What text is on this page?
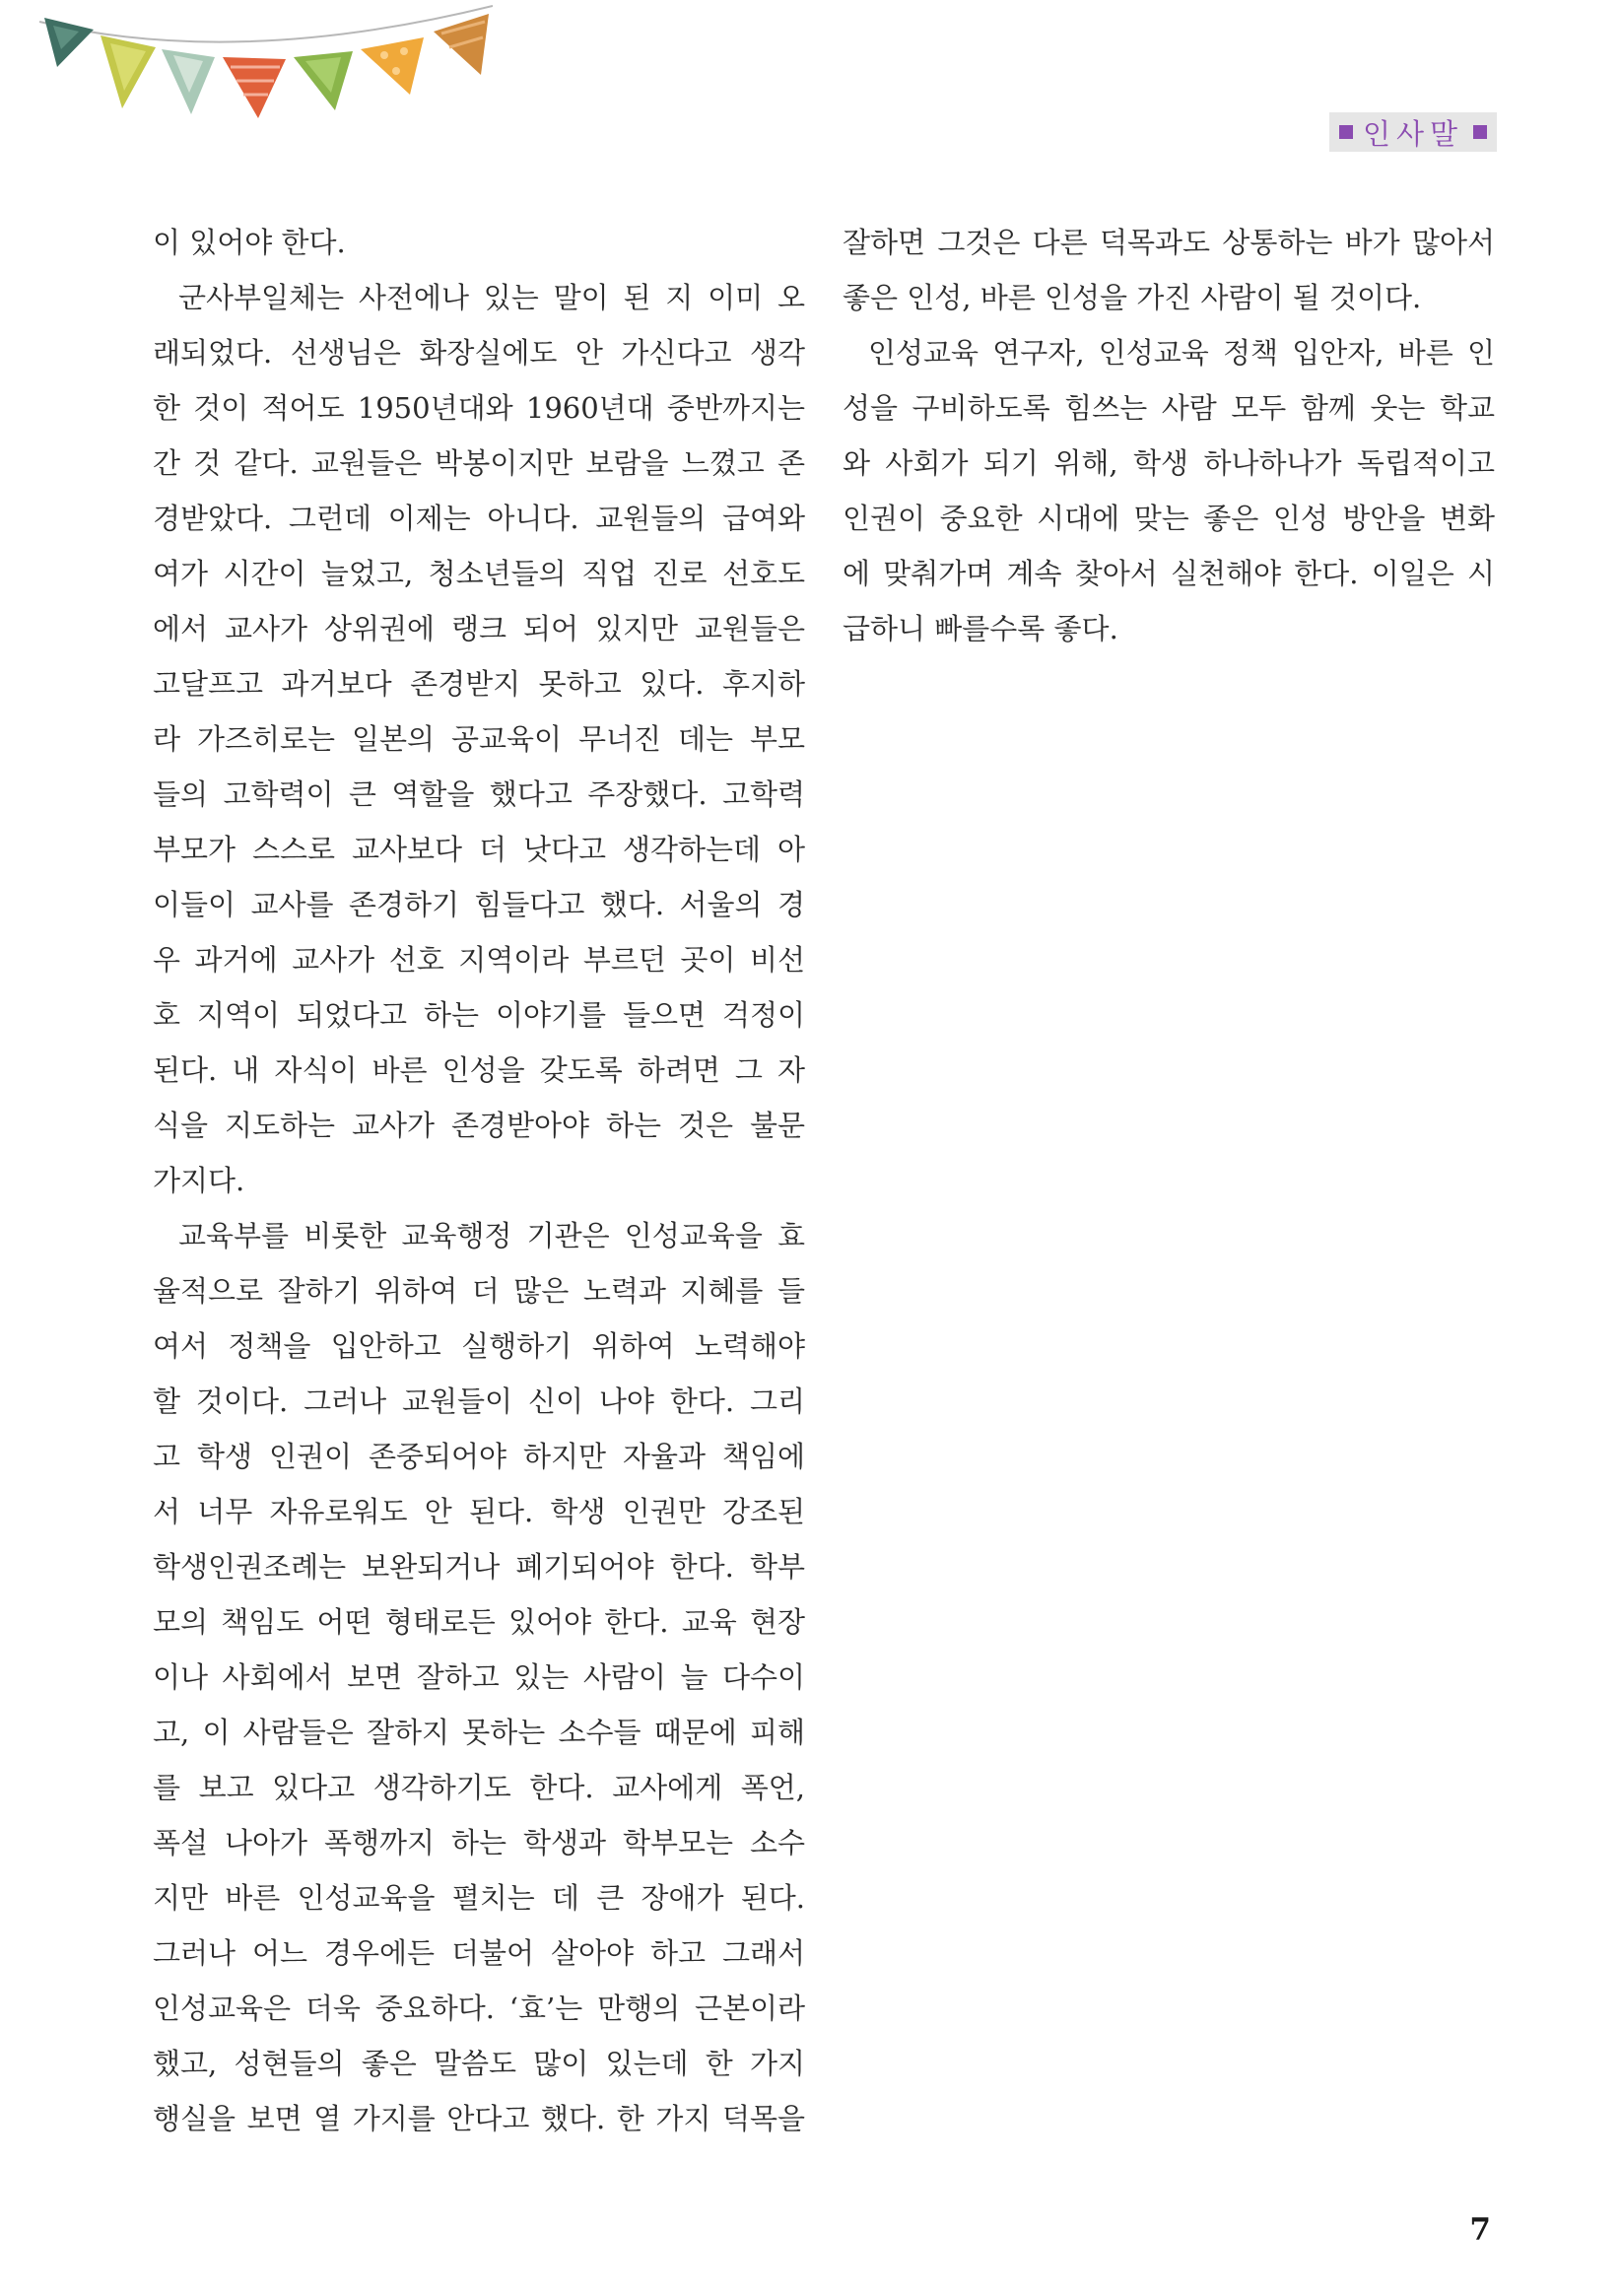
인사말
이 있어야 한다.
군사부일체는 사전에나 있는 말이 된 지 이미 오
래되었다. 선생님은 화장실에도 안 가신다고 생각
한 것이 적어도 1950년대와 1960년대 중반까지는
간 것 같다. 교원들은 박봉이지만 보람을 느꼈고 존
경받았다. 그런데 이제는 아니다. 교원들의 급여와
여가 시간이 늘었고, 청소년들의 직업 진로 선호도
에서 교사가 상위권에 랭크 되어 있지만 교원들은
고달프고 과거보다 존경받지 못하고 있다. 후지하
라 가즈히로는 일본의 공교육이 무너진 데는 부모
들의 고학력이 큰 역할을 했다고 주장했다. 고학력
부모가 스스로 교사보다 더 낫다고 생각하는데 아
이들이 교사를 존경하기 힘들다고 했다. 서울의 경
우 과거에 교사가 선호 지역이라 부르던 곳이 비선
호 지역이 되었다고 하는 이야기를 들으면 걱정이
된다. 내 자식이 바른 인성을 갖도록 하려면 그 자
식을 지도하는 교사가 존경받아야 하는 것은 불문
가지다.
교육부를 비롯한 교육행정 기관은 인성교육을 효
율적으로 잘하기 위하여 더 많은 노력과 지혜를 들
여서 정책을 입안하고 실행하기 위하여 노력해야
할 것이다. 그러나 교원들이 신이 나야 한다. 그리
고 학생 인권이 존중되어야 하지만 자율과 책임에
서 너무 자유로워도 안 된다. 학생 인권만 강조된
학생인권조례는 보완되거나 폐기되어야 한다. 학부
모의 책임도 어떤 형태로든 있어야 한다. 교육 현장
이나 사회에서 보면 잘하고 있는 사람이 늘 다수이
고, 이 사람들은 잘하지 못하는 소수들 때문에 피해
를 보고 있다고 생각하기도 한다. 교사에게 폭언,
폭설 나아가 폭행까지 하는 학생과 학부모는 소수
지만 바른 인성교육을 펼치는 데 큰 장애가 된다.
그러나 어느 경우에든 더불어 살아야 하고 그래서
인성교육은 더욱 중요하다. ‘효’는 만행의 근본이라
했고, 성현들의 좋은 말씀도 많이 있는데 한 가지
행실을 보면 열 가지를 안다고 했다. 한 가지 덕목을
잘하면 그것은 다른 덕목과도 상통하는 바가 많아서
좋은 인성, 바른 인성을 가진 사람이 될 것이다.
인성교육 연구자, 인성교육 정책 입안자, 바른 인
성을 구비하도록 힘쓰는 사람 모두 함께 웃는 학교
와 사회가 되기 위해, 학생 하나하나가 독립적이고
인권이 중요한 시대에 맞는 좋은 인성 방안을 변화
에 맞춰가며 계속 찾아서 실천해야 한다. 이일은 시
급하니 빠를수록 좋다.
7
